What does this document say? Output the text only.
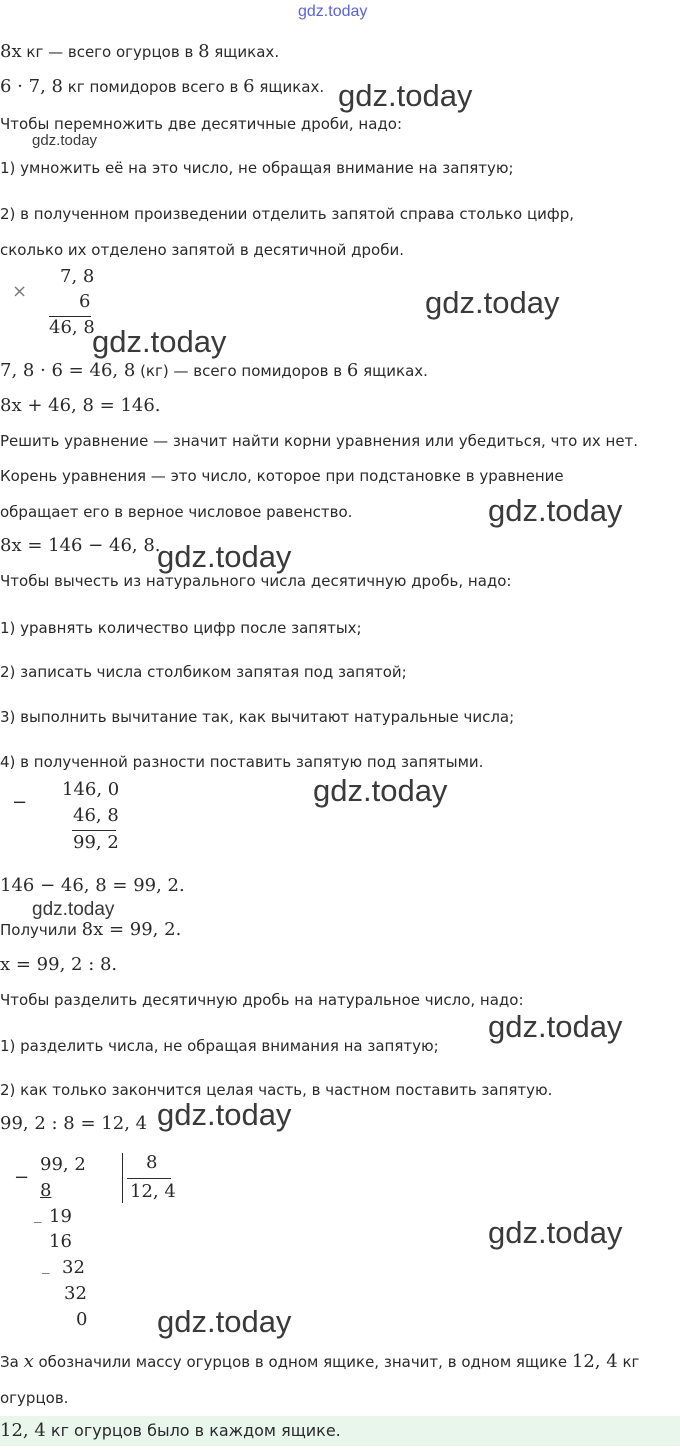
gdz.today
8x кг — всего огурцов в 8 ящиках.
6 · 7, 8 кг помидоров всего в 6 ящиках. gdz.today
Чтобы перемножить две десятичные дроби, надо:
gdz.today
1) умножить её на это число, не обращая внимание на запятую;
2) в полученном произведении отделить запятой справа столько цифр,
сколько их отделено запятой в десятичной дроби.
×
7, 8
6
46, 8
gdz.today
gdz.today
7, 8 · 6 = 46, 8 (кг) — всего помидоров в 6 ящиках.
8x + 46, 8 = 146.
Решить уравнение — значит найти корни уравнения или убедиться, что их нет.
Корень уравнения — это число, которое при подстановке в уравнение
обращает его в верное числовое равенство.	gdz.today
8x = 146 − 46, 8.
gdz.today
Чтобы вычесть из натурального числа десятичную дробь, надо:
1) уравнять количество цифр после запятых;
2) записать числа столбиком запятая под запятой;
3) выполнить вычитание так, как вычитают натуральные числа;
4) в полученной разности поставить запятую под запятыми.
−
146, 0
46, 8
99, 2
gdz.today
146 − 46, 8 = 99, 2.
gdz.today
Получили 8x = 99, 2.
x = 99, 2 : 8.
Чтобы разделить десятичную дробь на натуральное число, надо:
gdz.today
1) разделить числа, не обращая внимания на запятую;
2) как только закончится целая часть, в частном поставить запятую.
99, 2 : 8 = 12, 4 gdz.today
−
99, 2	8
12, 4
8
_ 19
16
_ 32
32
0
gdz.today
gdz.today
За x обозначили массу огурцов в одном ящике, значит, в одном ящике 12, 4 кг
огурцов.
12, 4 кг огурцов было в каждом ящике.
